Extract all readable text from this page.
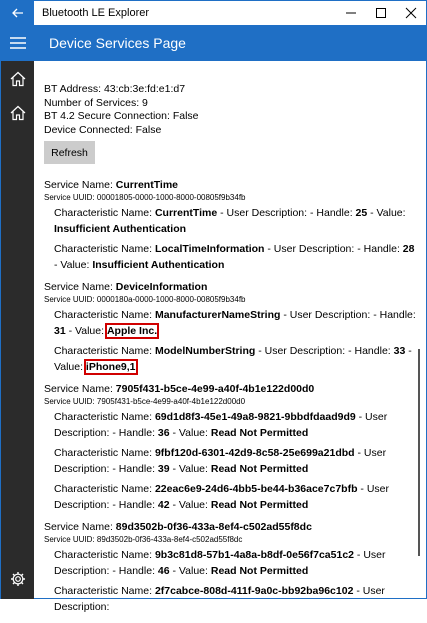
Bluetooth LE Explorer
Device Services Page
BT Address: 43:cb:3e:fd:e1:d7
Number of Services: 9
BT 4.2 Secure Connection: False
Device Connected: False
Refresh
Service Name: CurrentTime
Service UUID: 00001805-0000-1000-8000-00805f9b34fb
Characteristic Name: CurrentTime - User Description: - Handle: 25 - Value: Insufficient Authentication
Characteristic Name: LocalTimeInformation - User Description: - Handle: 28 - Value: Insufficient Authentication
Service Name: DeviceInformation
Service UUID: 0000180a-0000-1000-8000-00805f9b34fb
Characteristic Name: ManufacturerNameString - User Description: - Handle: 31 - Value: Apple Inc.
Characteristic Name: ModelNumberString - User Description: - Handle: 33 - Value: iPhone9,1
Service Name: 7905f431-b5ce-4e99-a40f-4b1e122d00d0
Service UUID: 7905f431-b5ce-4e99-a40f-4b1e122d00d0
Characteristic Name: 69d1d8f3-45e1-49a8-9821-9bbdfdaad9d9 - User Description: - Handle: 36 - Value: Read Not Permitted
Characteristic Name: 9fbf120d-6301-42d9-8c58-25e699a21dbd - User Description: - Handle: 39 - Value: Read Not Permitted
Characteristic Name: 22eac6e9-24d6-4bb5-be44-b36ace7c7bfb - User Description: - Handle: 42 - Value: Read Not Permitted
Service Name: 89d3502b-0f36-433a-8ef4-c502ad55f8dc
Service UUID: 89d3502b-0f36-433a-8ef4-c502ad55f8dc
Characteristic Name: 9b3c81d8-57b1-4a8a-b8df-0e56f7ca51c2 - User Description: - Handle: 46 - Value: Read Not Permitted
Characteristic Name: 2f7cabce-808d-411f-9a0c-bb92ba96c102 - User Description:
